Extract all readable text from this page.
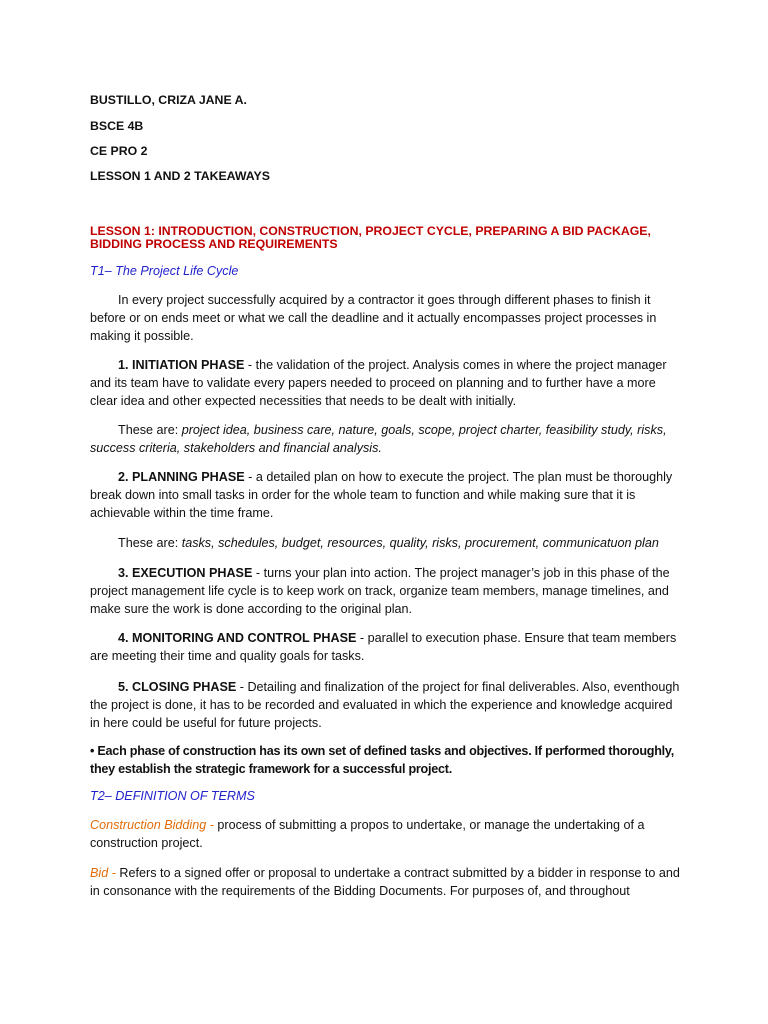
BUSTILLO, CRIZA JANE A.

BSCE 4B

CE PRO 2

LESSON 1 AND 2 TAKEAWAYS

LESSON 1: INTRODUCTION, CONSTRUCTION, PROJECT CYCLE, PREPARING A BID PACKAGE, BIDDING PROCESS AND REQUIREMENTS

T1– The Project Life Cycle

In every project successfully acquired by a contractor it goes through different phases to finish it before or on ends meet or what we call the deadline and it actually encompasses project processes in making it possible.

1. INITIATION PHASE - the validation of the project. Analysis comes in where the project manager and its team have to validate every papers needed to proceed on planning and to further have a more clear idea and other expected necessities that needs to be dealt with initially.

These are: project idea, business care, nature, goals, scope, project charter, feasibility study, risks, success criteria, stakeholders and financial analysis.

2. PLANNING PHASE - a detailed plan on how to execute the project. The plan must be thoroughly break down into small tasks in order for the whole team to function and while making sure that it is achievable within the time frame.

These are: tasks, schedules, budget, resources, quality, risks, procurement, communicatuon plan

3. EXECUTION PHASE - turns your plan into action. The project manager’s job in this phase of the project management life cycle is to keep work on track, organize team members, manage timelines, and make sure the work is done according to the original plan.

4. MONITORING AND CONTROL PHASE - parallel to execution phase. Ensure that team members are meeting their time and quality goals for tasks.

5. CLOSING PHASE - Detailing and finalization of the project for final deliverables. Also, eventhough the project is done, it has to be recorded and evaluated in which the experience and knowledge acquired in here could be useful for future projects.

• Each phase of construction has its own set of defined tasks and objectives. If performed thoroughly, they establish the strategic framework for a successful project.

T2– DEFINITION OF TERMS

Construction Bidding - process of submitting a propos to undertake, or manage the undertaking of a construction project.

Bid - Refers to a signed offer or proposal to undertake a contract submitted by a bidder in response to and in consonance with the requirements of the Bidding Documents. For purposes of, and throughout
